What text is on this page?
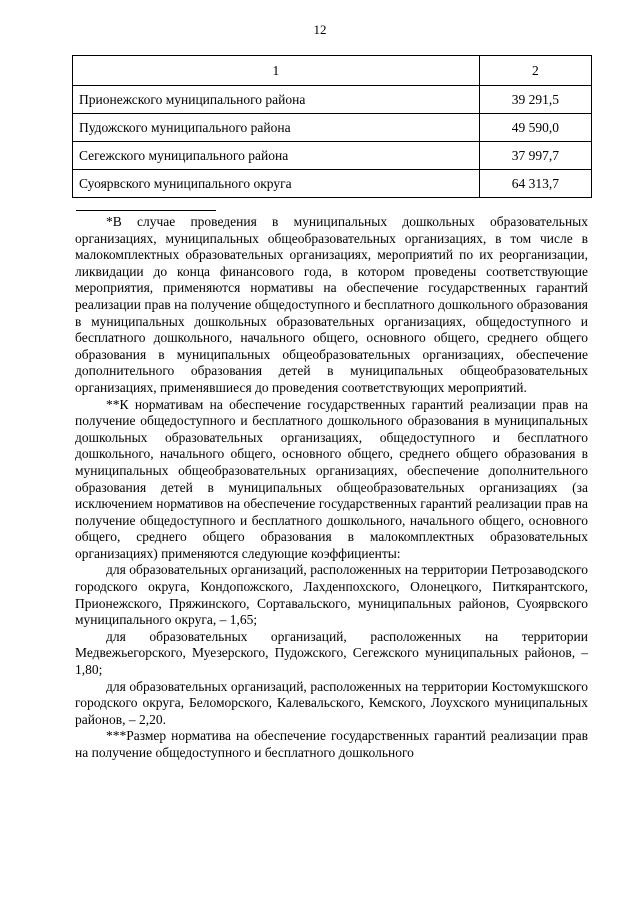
12
1	2
Прионежского муниципального района	39 291,5
Пудожского муниципального района	49 590,0
Сегежского муниципального района	37 997,7
Суоярвского муниципального округа	64 313,7

*В случае проведения в муниципальных дошкольных образовательных организациях, муниципальных общеобразовательных организациях, в том числе в малокомплектных образовательных организациях, мероприятий по их реорганизации, ликвидации до конца финансового года, в котором проведены соответствующие мероприятия, применяются нормативы на обеспечение государственных гарантий реализации прав на получение общедоступного и бесплатного дошкольного образования в муниципальных дошкольных образовательных организациях, общедоступного и бесплатного дошкольного, начального общего, основного общего, среднего общего образования в муниципальных общеобразовательных организациях, обеспечение дополнительного образования детей в муниципальных общеобразовательных организациях, применявшиеся до проведения соответствующих мероприятий.

**К нормативам на обеспечение государственных гарантий реализации прав на получение общедоступного и бесплатного дошкольного образования в муниципальных дошкольных образовательных организациях, общедоступного и бесплатного дошкольного, начального общего, основного общего, среднего общего образования в муниципальных общеобразовательных организациях, обеспечение дополнительного образования детей в муниципальных общеобразовательных организациях (за исключением нормативов на обеспечение государственных гарантий реализации прав на получение общедоступного и бесплатного дошкольного, начального общего, основного общего, среднего общего образования в малокомплектных образовательных организациях) применяются следующие коэффициенты:

для образовательных организаций, расположенных на территории Петрозаводского городского округа, Кондопожского, Лахденпохского, Олонецкого, Питкярантского, Прионежского, Пряжинского, Сортавальского, муниципальных районов, Суоярвского муниципального округа, – 1,65;

для образовательных организаций, расположенных на территории Медвежьегорского, Муезерского, Пудожского, Сегежского муниципальных районов, – 1,80;

для образовательных организаций, расположенных на территории Костомукшского городского округа, Беломорского, Калевальского, Кемского, Лоухского муниципальных районов, – 2,20.

***Размер норматива на обеспечение государственных гарантий реализации прав на получение общедоступного и бесплатного дошкольного
